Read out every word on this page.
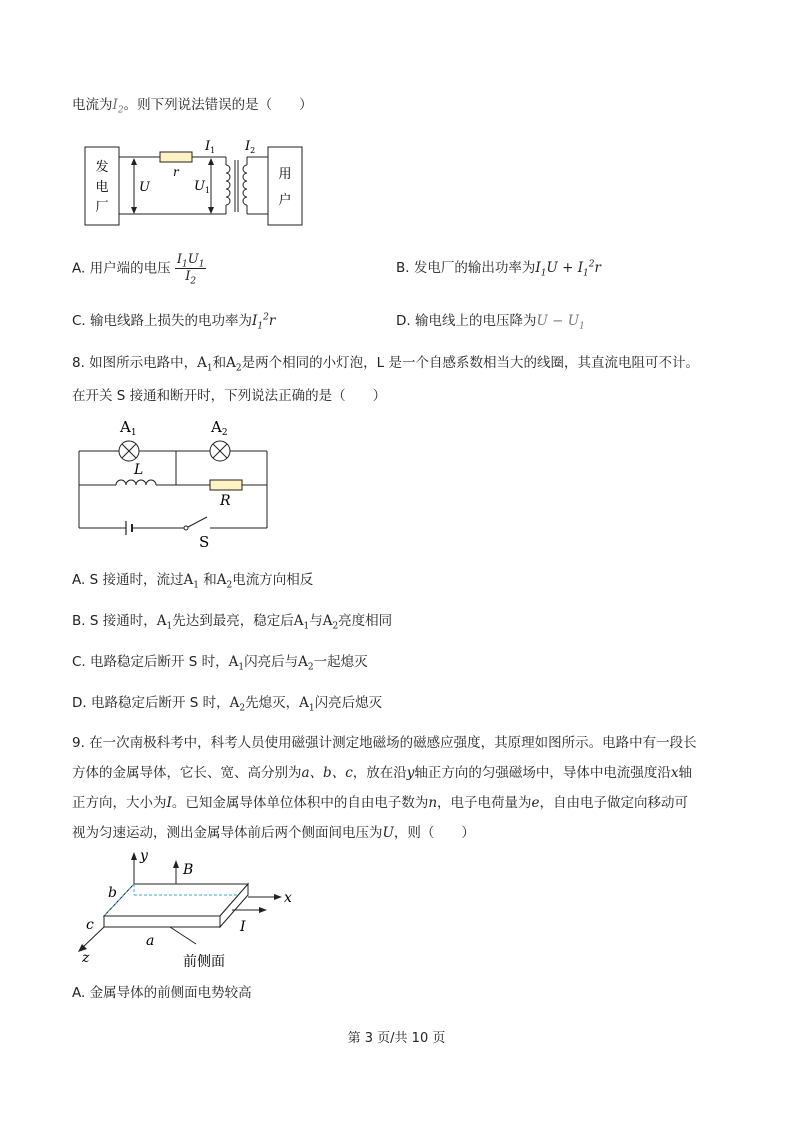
电流为$I_2$。则下列说法错误的是（　　）
发
电
厂
r
U	$U_1$
$I_1$ $I_2$
用
户
A. 用户端的电压 $\frac{I_1U_1}{I_2}$	B. 发电厂的输出功率为$I_1U + I_1^2r$
C. 输电线路上损失的电功率为$I_1^2r$	D. 输电线上的电压降为$U - U_1$
8. 如图所示电路中，$A_1$和$A_2$是两个相同的小灯泡，L 是一个自感系数相当大的线圈，其直流电阻可不计。
在开关 S 接通和断开时，下列说法正确的是（　　）
$A_1$	$A_2$
L
R
S
A. S 接通时，流过$A_1$ 和$A_2$电流方向相反
B. S 接通时，$A_1$先达到最亮，稳定后$A_1$与$A_2$亮度相同
C. 电路稳定后断开 S 时，$A_1$闪亮后与$A_2$一起熄灭
D. 电路稳定后断开 S 时，$A_2$先熄灭，$A_1$闪亮后熄灭
9. 在一次南极科考中，科考人员使用磁强计测定地磁场的磁感应强度，其原理如图所示。电路中有一段长
方体的金属导体，它长、宽、高分别为a、b、c，放在沿y轴正方向的匀强磁场中，导体中电流强度沿x轴
正方向，大小为I。已知金属导体单位体积中的自由电子数为n，电子电荷量为e，自由电子做定向移动可
视为匀速运动，测出金属导体前后两个侧面间电压为U，则（　　）
y
B
x
I
z
b
c
a
前侧面
A. 金属导体的前侧面电势较高
第 3 页/共 10 页
